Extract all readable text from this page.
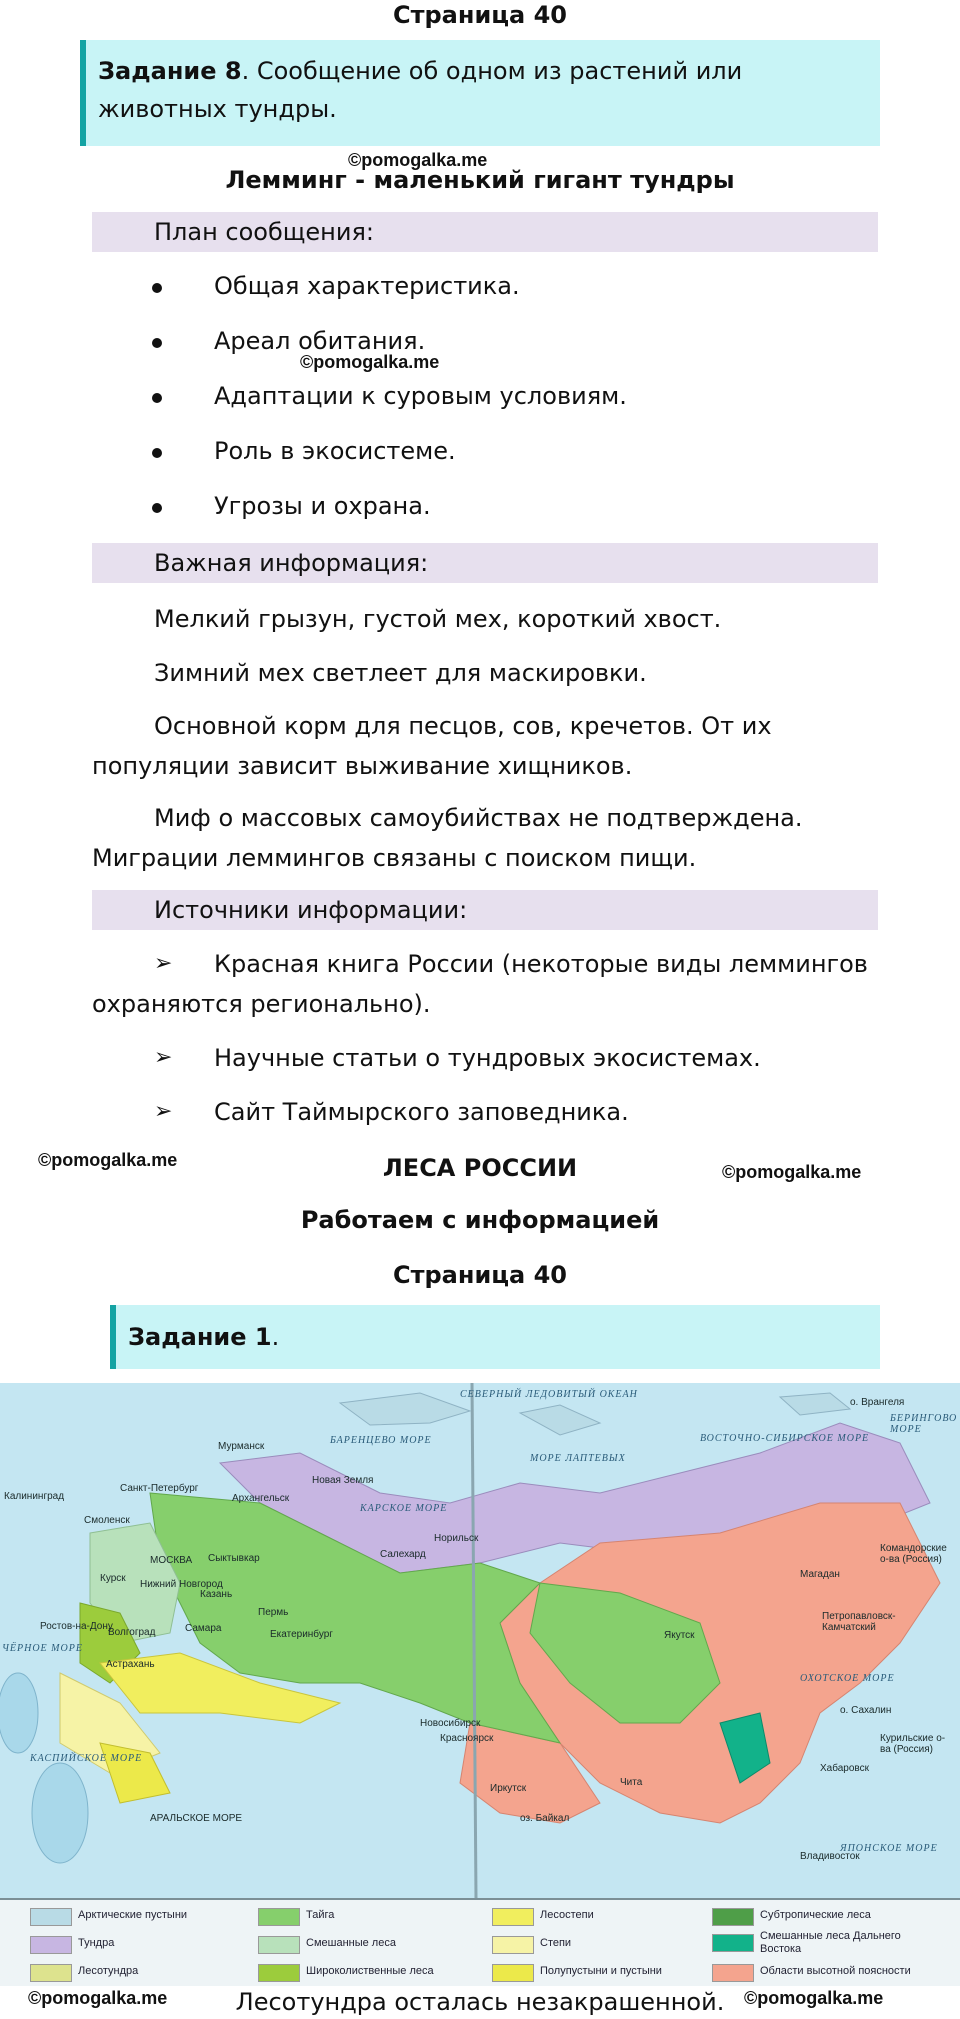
Страница 40
Задание 8. Сообщение об одном из растений или животных тундры.
Лемминг - маленький гигант тундры
©pomogalka.me
План сообщения:
Общая характеристика.
Ареал обитания.
Адаптации к суровым условиям.
Роль в экосистеме.
Угрозы и охрана.
©pomogalka.me
Важная информация:
Мелкий грызун, густой мех, короткий хвост.
Зимний мех светлеет для маскировки.
Основной корм для песцов, сов, кречетов. От их популяции зависит выживание хищников.
Миф о массовых самоубийствах не подтверждена. Миграции леммингов связаны с поиском пищи.
Источники информации:
➢	Красная книга России (некоторые виды леммингов охраняются регионально).
➢ Научные статьи о тундровых экосистемах.
➢ Сайт Таймырского заповедника.
©pomogalka.me
©pomogalka.me
ЛЕСА РОССИИ
Работаем с информацией
Страница 40
Задание 1.
СЕВЕРНЫЙ ЛЕДОВИТЫЙ ОКЕАН
БАРЕНЦЕВО МОРЕ
КАРСКОЕ МОРЕ
МОРЕ ЛАПТЕВЫХ
ВОСТОЧНО-СИБИРСКОЕ МОРЕ
ОХОТСКОЕ МОРЕ
ЧЁРНОЕ МОРЕ
КАСПИЙСКОЕ МОРЕ
ЯПОНСКОЕ МОРЕ
БЕРИНГОВО МОРЕ
Калининград
Санкт-Петербург
Мурманск
Архангельск
Смоленск
МОСКВА
Курск
Нижний Новгород
Сыктывкар
Казань
Пермь
Ростов-на-Дону
Волгоград	Самара
Астрахань
Екатеринбург
Салехард
Норильск
Новосибирск
Красноярск
Иркутск
Чита
Якутск
Магадан
Петропавловск-Камчатский
Хабаровск
Владивосток
о. Врангеля
Новая Земля
о. Сахалин
Командорские о-ва (Россия)
Курильские о-ва (Россия)
оз. Байкал
АРАЛЬСКОЕ МОРЕ
Арктические пустыни
Тундра
Лесотундра
Тайга
Смешанные леса
Широколиственные леса
Лесостепи
Степи
Полупустыни и пустыни
Субтропические леса
Смешанные леса Дальнего Востока
Области высотной поясности
©pomogalka.me	Лесотундра осталась незакрашенной.	©pomogalka.me
